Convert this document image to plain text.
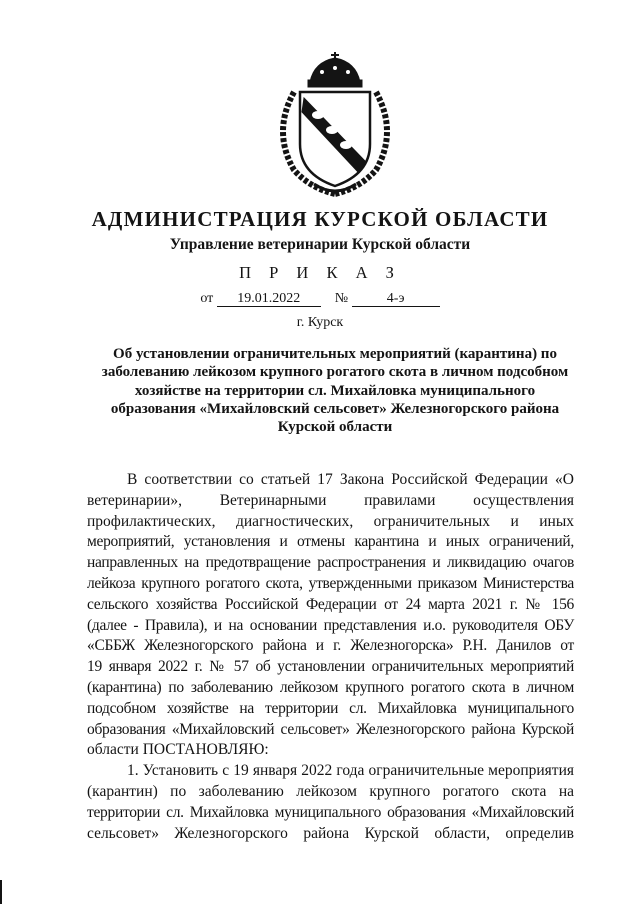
АДМИНИСТРАЦИЯ КУРСКОЙ ОБЛАСТИ
Управление ветеринарии Курской области
П Р И К А З
от 19.01.2022 №	4-э
г. Курск
Об установлении ограничительных мероприятий (карантина) по
заболеванию лейкозом крупного рогатого скота в личном подсобном
хозяйстве на территории сл. Михайловка муниципального
образования «Михайловский сельсовет» Железногорского района
Курской области
В соответствии со статьей 17 Закона Российской Федерации «О
ветеринарии», Ветеринарными правилами осуществления
профилактических, диагностических, ограничительных и иных
мероприятий, установления и отмены карантина и иных ограничений,
направленных на предотвращение распространения и ликвидацию очагов
лейкоза крупного рогатого скота, утвержденными приказом Министерства
сельского хозяйства Российской Федерации от 24 марта 2021 г. № 156
(далее - Правила), и на основании представления и.о. руководителя ОБУ
«СББЖ Железногорского района и г. Железногорска» Р.Н. Данилов от
19 января 2022 г. № 57 об установлении ограничительных мероприятий
(карантина) по заболеванию лейкозом крупного рогатого скота в личном
подсобном хозяйстве на территории сл. Михайловка муниципального
образования «Михайловский сельсовет» Железногорского района Курской
области ПОСТАНОВЛЯЮ:
1. Установить с 19 января 2022 года ограничительные мероприятия
(карантин) по заболеванию лейкозом крупного рогатого скота на
территории сл. Михайловка муниципального образования «Михайловский
сельсовет» Железногорского района Курской области, определив
